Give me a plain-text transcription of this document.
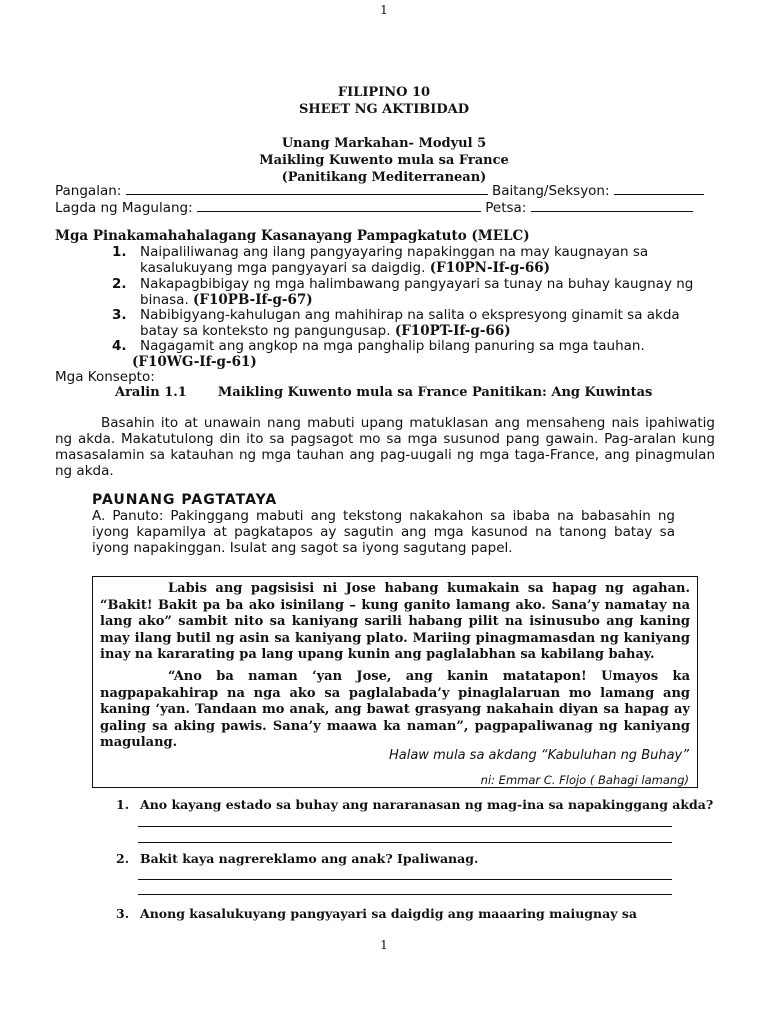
1
FILIPINO 10
SHEET NG AKTIBIDAD
Unang Markahan- Modyul 5
Maikling Kuwento mula sa France
(Panitikang Mediterranean)
Pangalan:	Baitang/Seksyon:
Lagda ng Magulang:	Petsa:
Mga Pinakamahahalagang Kasanayang Pampagkatuto (MELC)
1. Naipaliliwanag ang ilang pangyayaring napakinggan na may kaugnayan sa kasalukuyang mga pangyayari sa daigdig. (F10PN-If-g-66)
2. Nakapagbibigay ng mga halimbawang pangyayari sa tunay na buhay kaugnay ng binasa. (F10PB-If-g-67)
3. Nabibigyang-kahulugan ang mahihirap na salita o ekspresyong ginamit sa akda batay sa konteksto ng pangungusap. (F10PT-If-g-66)
4. Nagagamit ang angkop na mga panghalip bilang panuring sa mga tauhan.
(F10WG-If-g-61)
Mga Konsepto:
Aralin 1.1 Maikling Kuwento mula sa France Panitikan: Ang Kuwintas
Basahin ito at unawain nang mabuti upang matuklasan ang mensaheng nais ipahiwatig ng akda. Makatutulong din ito sa pagsagot mo sa mga susunod pang gawain. Pag-aralan kung masasalamin sa katauhan ng mga tauhan ang pag-uugali ng mga taga-France, ang pinagmulan ng akda.
PAUNANG PAGTATAYA
A. Panuto: Pakinggang mabuti ang tekstong nakakahon sa ibaba na babasahin ng iyong kapamilya at pagkatapos ay sagutin ang mga kasunod na tanong batay sa iyong napakinggan. Isulat ang sagot sa iyong sagutang papel.
Labis ang pagsisisi ni Jose habang kumakain sa hapag ng agahan. “Bakit! Bakit pa ba ako isinilang – kung ganito lamang ako. Sana’y namatay na lang ako” sambit nito sa kaniyang sarili habang pilit na isinusubo ang kaning may ilang butil ng asin sa kaniyang plato. Mariing pinagmamasdan ng kaniyang inay na kararating pa lang upang kunin ang paglalabhan sa kabilang bahay.
“Ano ba naman ‘yan Jose, ang kanin matatapon! Umayos ka nagpapakahirap na nga ako sa paglalabada’y pinaglalaruan mo lamang ang kaning ‘yan. Tandaan mo anak, ang bawat grasyang nakahain diyan sa hapag ay galing sa aking pawis. Sana’y maawa ka naman”, pagpapaliwanag ng kaniyang magulang.
Halaw mula sa akdang “Kabuluhan ng Buhay”
ni: Emmar C. Flojo ( Bahagi lamang)
1. Ano kayang estado sa buhay ang nararanasan ng mag-ina sa napakinggang akda?
2. Bakit kaya nagrereklamo ang anak? Ipaliwanag.
3. Anong kasalukuyang pangyayari sa daigdig ang maaaring maiugnay sa
1
